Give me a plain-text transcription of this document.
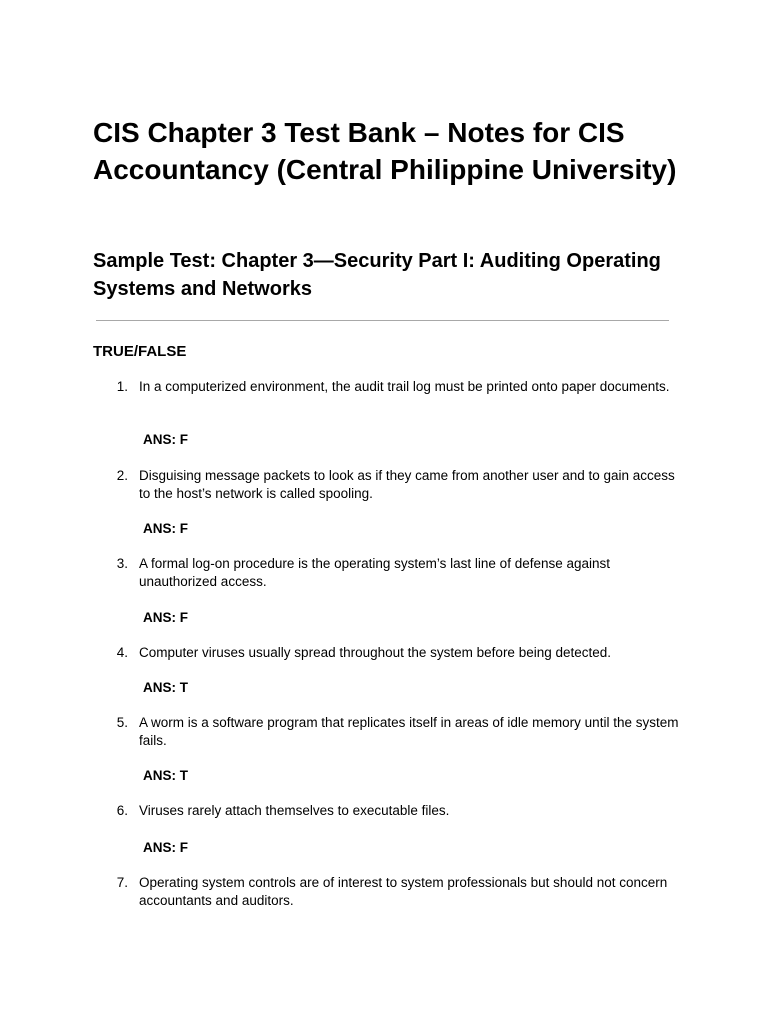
CIS Chapter 3 Test Bank – Notes for CIS Accountancy (Central Philippine University)
Sample Test: Chapter 3—Security Part I: Auditing Operating Systems and Networks
TRUE/FALSE
1. In a computerized environment, the audit trail log must be printed onto paper documents.
ANS: F
2. Disguising message packets to look as if they came from another user and to gain access to the host’s network is called spooling.
ANS: F
3. A formal log-on procedure is the operating system’s last line of defense against unauthorized access.
ANS: F
4. Computer viruses usually spread throughout the system before being detected.
ANS: T
5. A worm is a software program that replicates itself in areas of idle memory until the system fails.
ANS: T
6. Viruses rarely attach themselves to executable files.
ANS: F
7. Operating system controls are of interest to system professionals but should not concern accountants and auditors.
